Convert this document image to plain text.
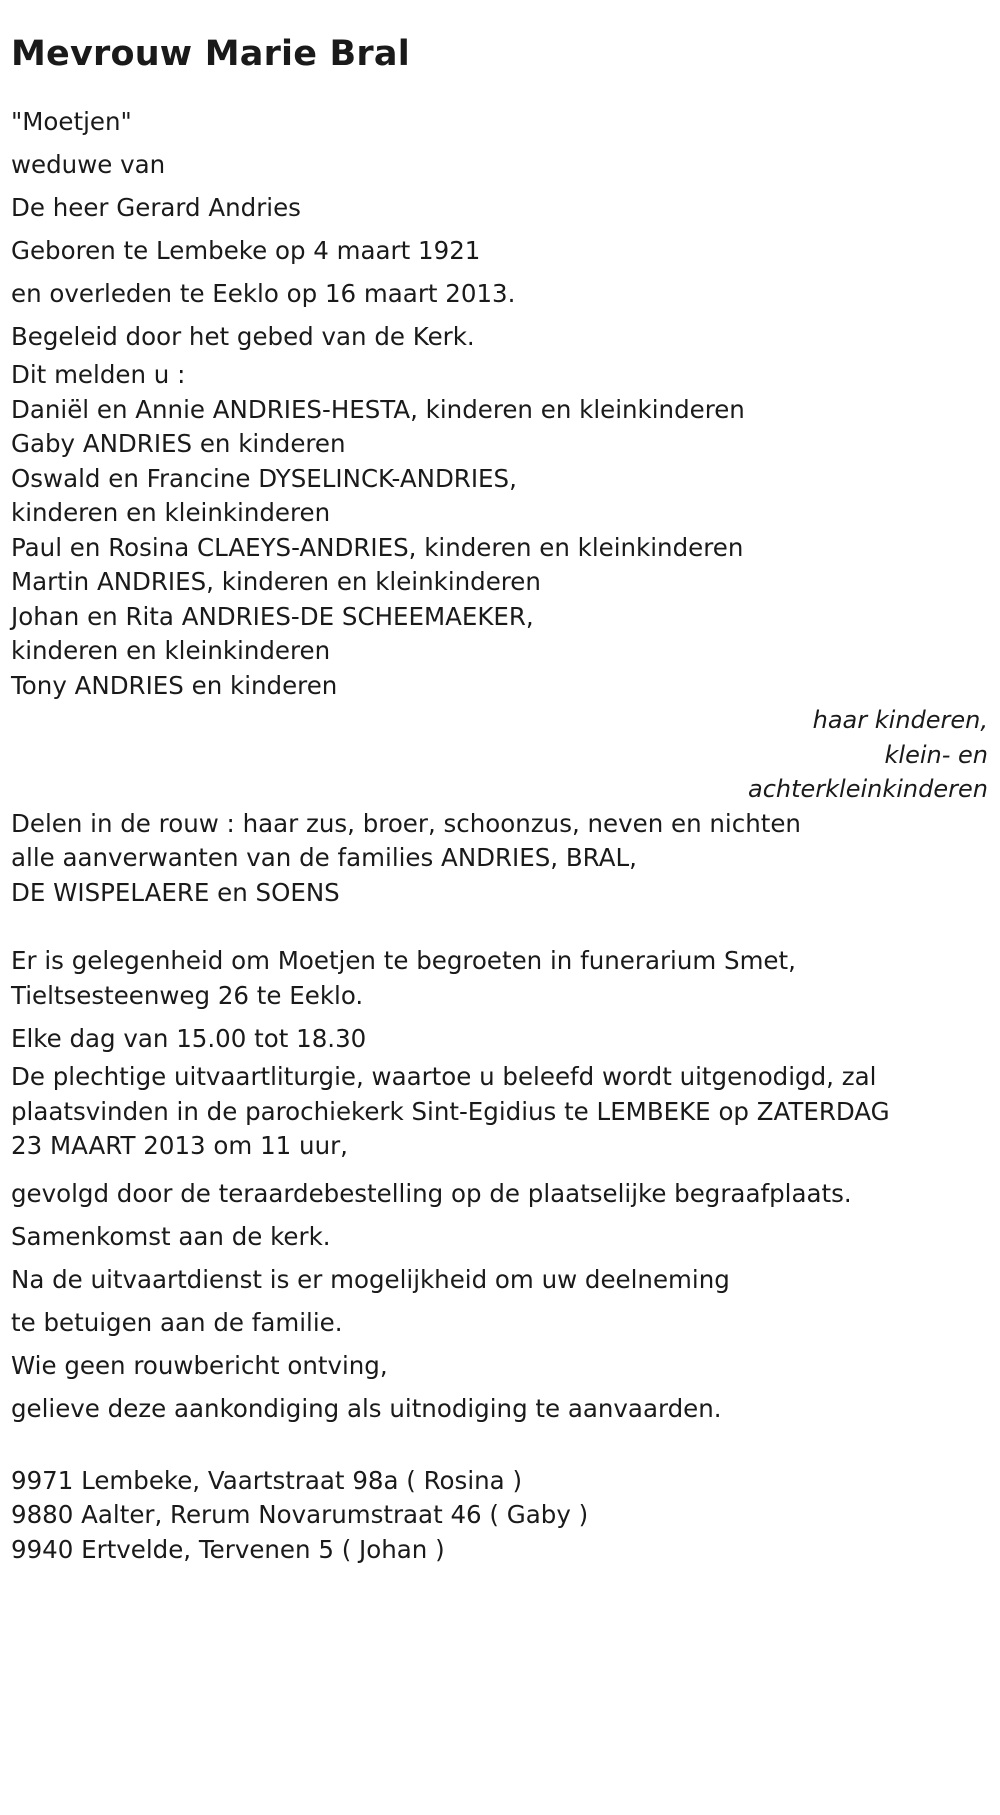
Mevrouw Marie Bral

"Moetjen"

weduwe van

De heer Gerard Andries

Geboren te Lembeke op 4 maart 1921

en overleden te Eeklo op 16 maart 2013.

Begeleid door het gebed van de Kerk.

Dit melden u :

Daniël en Annie ANDRIES-HESTA, kinderen en kleinkinderen

Gaby ANDRIES en kinderen

Oswald en Francine DYSELINCK-ANDRIES,

kinderen en kleinkinderen

Paul en Rosina CLAEYS-ANDRIES, kinderen en kleinkinderen

Martin ANDRIES, kinderen en kleinkinderen

Johan en Rita ANDRIES-DE SCHEEMAEKER,

kinderen en kleinkinderen

Tony ANDRIES en kinderen

haar kinderen,

klein- en

achterkleinkinderen

Delen in de rouw : haar zus, broer, schoonzus, neven en nichten

alle aanverwanten van de families ANDRIES, BRAL,

DE WISPELAERE en SOENS

Er is gelegenheid om Moetjen te begroeten in funerarium Smet,

Tieltsesteenweg 26 te Eeklo.

Elke dag van 15.00 tot 18.30

De plechtige uitvaartliturgie, waartoe u beleefd wordt uitgenodigd, zal

plaatsvinden in de parochiekerk Sint-Egidius te LEMBEKE op ZATERDAG

23 MAART 2013 om 11 uur,

gevolgd door de teraardebestelling op de plaatselijke begraafplaats.

Samenkomst aan de kerk.

Na de uitvaartdienst is er mogelijkheid om uw deelneming

te betuigen aan de familie.

Wie geen rouwbericht ontving,

gelieve deze aankondiging als uitnodiging te aanvaarden.

9971 Lembeke, Vaartstraat 98a ( Rosina )

9880 Aalter, Rerum Novarumstraat 46 ( Gaby )

9940 Ertvelde, Tervenen 5 ( Johan )
